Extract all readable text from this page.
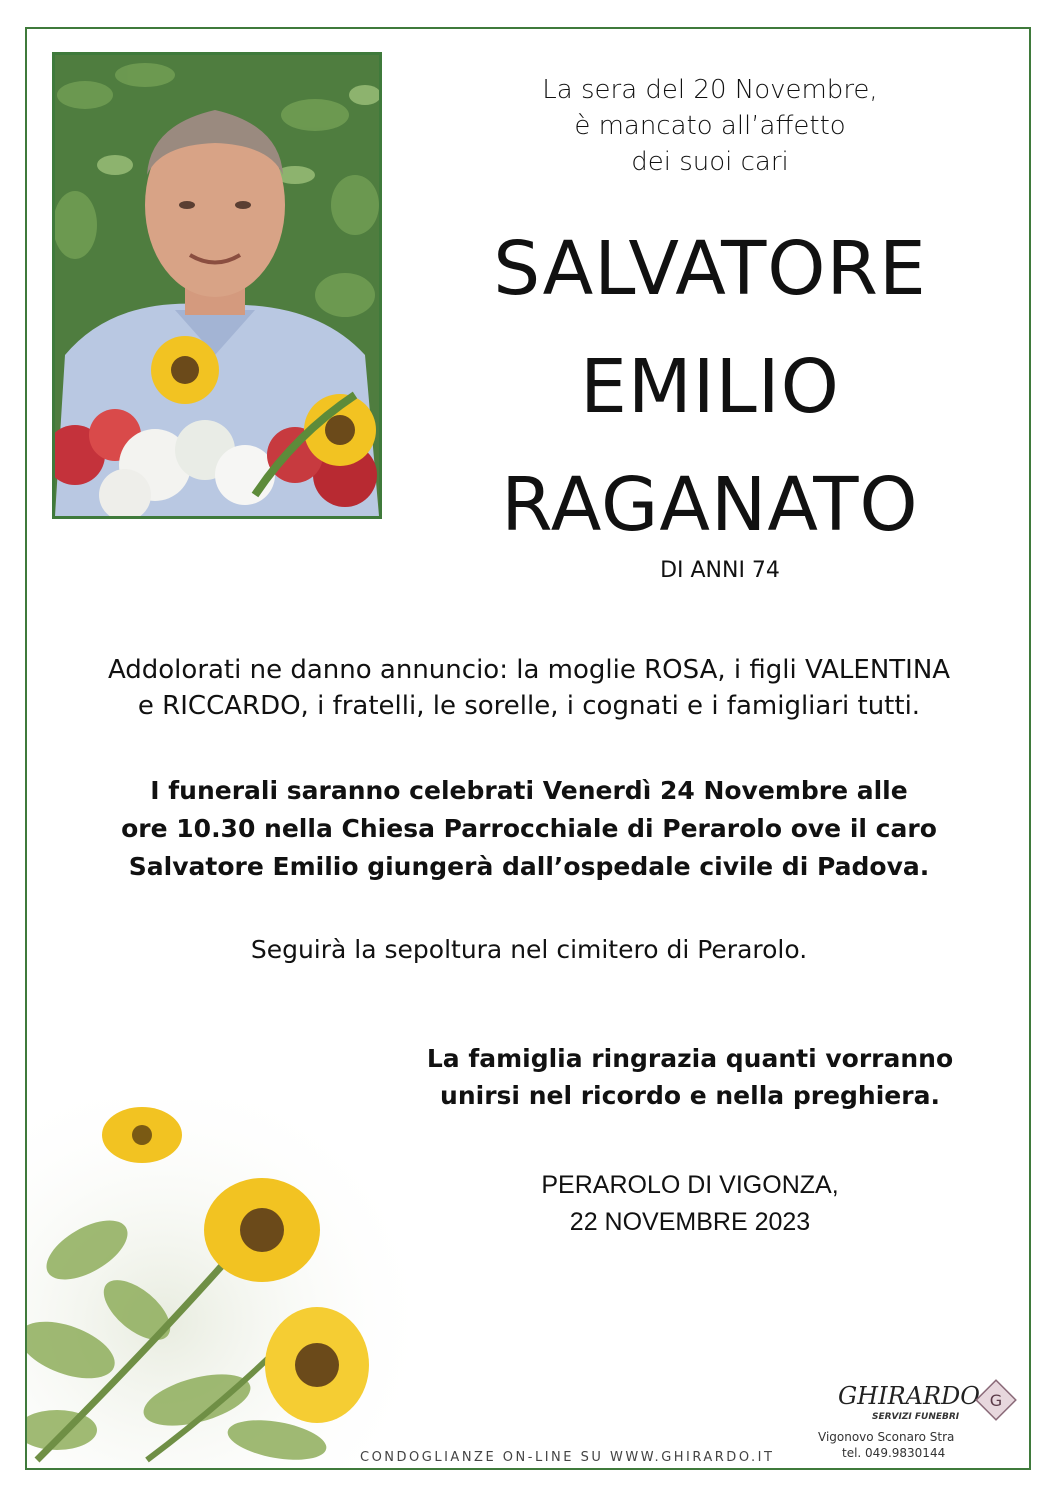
La sera del 20 Novembre,
è mancato all’affetto
dei suoi cari
SALVATORE
EMILIO
RAGANATO
DI ANNI 74
Addolorati ne danno annuncio: la moglie ROSA, i figli VALENTINA
e RICCARDO, i fratelli, le sorelle, i cognati e i famigliari tutti.
I funerali saranno celebrati Venerdì 24 Novembre alle
ore 10.30 nella Chiesa Parrocchiale di Perarolo ove il caro
Salvatore Emilio giungerà dall’ospedale civile di Padova.
Seguirà la sepoltura nel cimitero di Perarolo.
La famiglia ringrazia quanti vorranno
unirsi nel ricordo e nella preghiera.
PERAROLO DI VIGONZA,
22 NOVEMBRE 2023
CONDOGLIANZE ON-LINE SU WWW.GHIRARDO.IT
GHIRARDO
SERVIZI FUNEBRI
G
Vigonovo Sconaro Stra
tel. 049.9830144
